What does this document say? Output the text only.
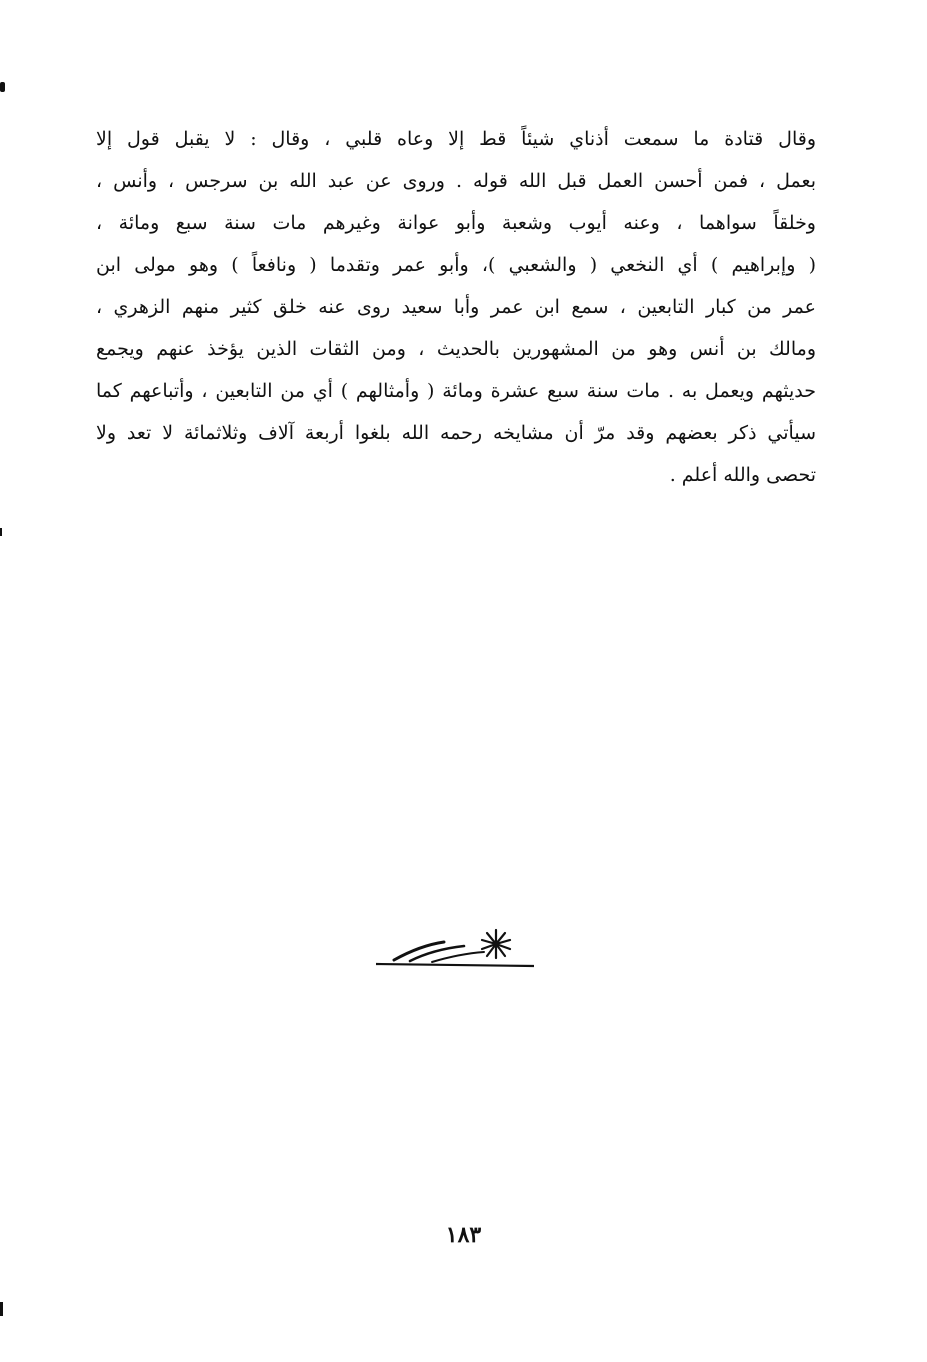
وقال قتادة ما سمعت أذناي شيئاً قط إلا وعاه قلبي ، وقال : لا يقبل قول إلا
بعمل ، فمن أحسن العمل قبل الله قوله . وروى عن عبد الله بن سرجس ، وأنس ،
وخلقاً سواهما ، وعنه أيوب وشعبة وأبو عوانة وغيرهم مات سنة سبع ومائة ،
( وإبراهيم ) أي النخعي ( والشعبي )، وأبو عمر وتقدما ( ونافعاً ) وهو مولى ابن
عمر من كبار التابعين ، سمع ابن عمر وأبا سعيد روى عنه خلق كثير منهم الزهري ،
ومالك بن أنس وهو من المشهورين بالحديث ، ومن الثقات الذين يؤخذ عنهم ويجمع
حديثهم ويعمل به . مات سنة سبع عشرة ومائة ( وأمثالهم ) أي من التابعين ، وأتباعهم كما
سيأتي ذكر بعضهم وقد مرّ أن مشايخه رحمه الله بلغوا أربعة آلاف وثلاثمائة لا تعد ولا
تحصى والله أعلم .
١٨٣
